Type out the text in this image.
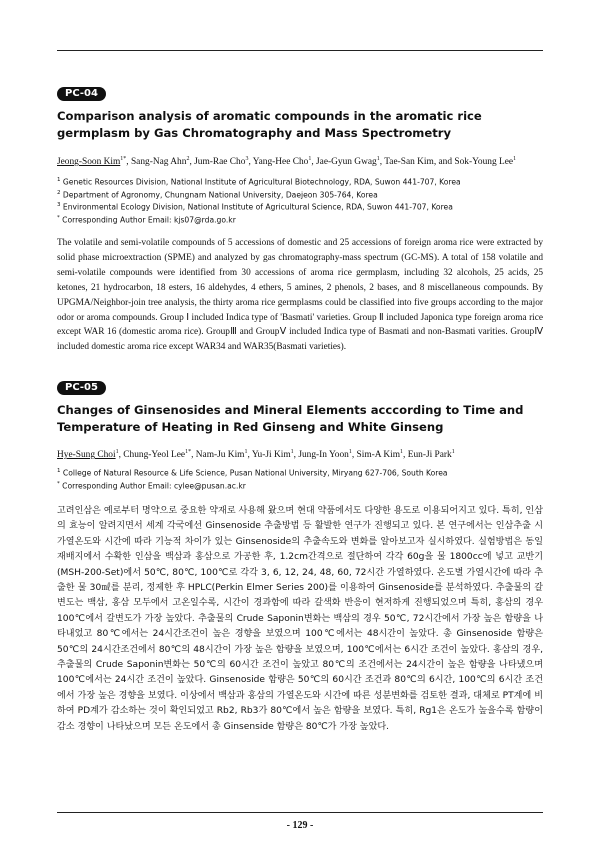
PC-04
Comparison analysis of aromatic compounds in the aromatic rice germplasm by Gas Chromatography and Mass Spectrometry
Jeong-Soon Kim$^{1*}$, Sang-Nag Ahn$^2$, Jum-Rae Cho$^3$, Yang-Hee Cho$^1$, Jae-Gyun Gwag$^1$, Tae-San Kim, and Sok-Young Lee$^1$
$^1$ Genetic Resources Division, National Institute of Agricultural Biotechnology, RDA, Suwon 441-707, Korea
$^2$ Department of Agronomy, Chungnam National University, Daejeon 305-764, Korea
$^3$ Environmental Ecology Division, National Institute of Agricultural Science, RDA, Suwon 441-707, Korea
* Corresponding Author Email: kjs07@rda.go.kr

The volatile and semi-volatile compounds of 5 accessions of domestic and 25 accessions of foreign aroma rice were extracted by solid phase microextraction (SPME) and analyzed by gas chromatography-mass spectrum (GC-MS). A total of 158 volatile and semi-volatile compounds were identified from 30 accessions of aroma rice germplasm, including 32 alcohols, 25 acids, 25 ketones, 21 hydrocarbon, 18 esters, 16 aldehydes, 4 ethers, 5 amines, 2 phenols, 2 bases, and 8 miscellaneous compounds. By UPGMA/Neighbor-join tree analysis, the thirty aroma rice germplasms could be classified into five groups according to the major odor or aroma compounds. Group Ⅰ included Indica type of 'Basmati' varieties. Group Ⅱ included Japonica type foreign aroma rice except WAR 16 (domestic aroma rice). GroupⅢ and GroupⅤ included Indica type of Basmati and non-Basmati varities. GroupⅣ included domestic aroma rice except WAR34 and WAR35(Basmati varieties).

PC-05
Changes of Ginsenosides and Mineral Elements acccording to Time and Temperature of Heating in Red Ginseng and White Ginseng
Hye-Sung Choi$^1$, Chung-Yeol Lee$^{1*}$, Nam-Ju Kim$^1$, Yu-Ji Kim$^1$, Jung-In Yoon$^1$, Sim-A Kim$^1$, Eun-Ji Park$^1$
$^1$ College of Natural Resource & Life Science, Pusan National University, Miryang 627-706, South Korea
* Corresponding Author Email: cylee@pusan.ac.kr

고려인삼은 예로부터 명약으로 중요한 약재로 사용해 왔으며 현대 약품에서도 다양한 용도로 이용되어지고 있다. 특히, 인삼의 효능이 알려지면서 세계 각국에선 Ginsenoside 추출방법 등 활발한 연구가 진행되고 있다. 본 연구에서는 인삼추출 시 가열온도와 시간에 따라 기능적 차이가 있는 Ginsenoside의 추출속도와 변화를 알아보고자 실시하였다. 실험방법은 동일 재배지에서 수확한 인삼을 백삼과 홍삼으로 가공한 후, 1.2cm간격으로 절단하여 각각 60g을 물 1800cc에 넣고 교반기(MSH-200-Set)에서 50℃, 80℃, 100℃로 각각 3, 6, 12, 24, 48, 60, 72시간 가열하였다. 온도별 가열시간에 따라 추출한 물 30㎖를 분리, 정제한 후 HPLC(Perkin Elmer Series 200)를 이용하여 Ginsenoside를 분석하였다. 추출물의 갈변도는 백삼, 홍삼 모두에서 고온일수록, 시간이 경과함에 따라 갈색화 반응이 현저하게 진행되었으며 특히, 홍삼의 경우 100℃에서 갈변도가 가장 높았다. 추출물의 Crude Saponin변화는 백삼의 경우 50℃, 72시간에서 가장 높은 함량을 나타내었고 80℃에서는 24시간조건이 높은 경향을 보였으며 100℃에서는 48시간이 높았다. 총 Ginsenoside 함량은 50℃의 24시간조건에서 80℃의 48시간이 가장 높은 함량을 보였으며, 100℃에서는 6시간 조건이 높았다. 홍삼의 경우, 추출물의 Crude Saponin변화는 50℃의 60시간 조건이 높았고 80℃의 조건에서는 24시간이 높은 함량을 나타냈으며 100℃에서는 24시간 조건이 높았다. Ginsenoside 함량은 50℃의 60시간 조건과 80℃의 6시간, 100℃의 6시간 조건에서 가장 높은 경향을 보였다. 이상에서 백삼과 홍삼의 가열온도와 시간에 따른 성분변화를 검토한 결과, 대체로 PT계에 비하여 PD계가 감소하는 것이 확인되었고 Rb2, Rb3가 80℃에서 높은 함량을 보였다. 특히, Rg1은 온도가 높을수록 함량이 감소 경향이 나타났으며 모든 온도에서 총 Ginsenside 함량은 80℃가 가장 높았다.

- 129 -
